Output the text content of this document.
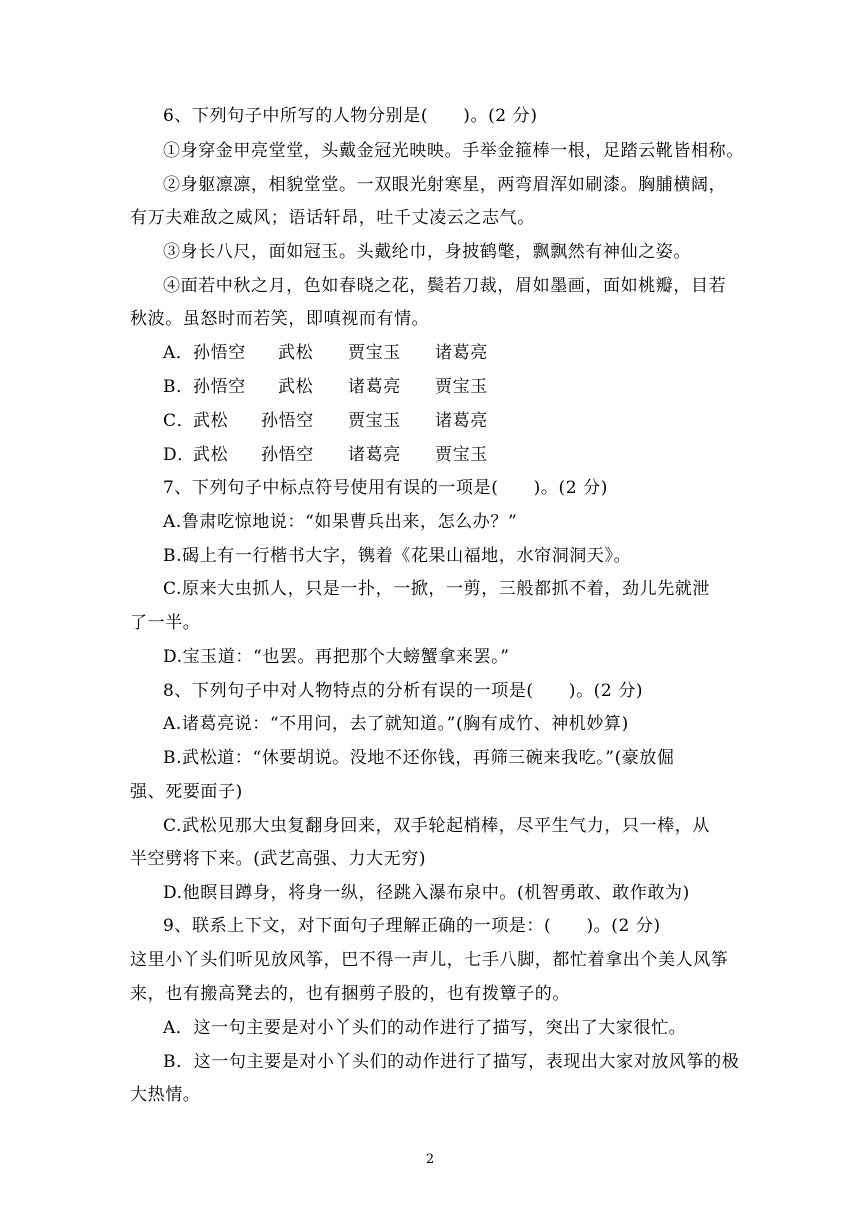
6、下列句子中所写的人物分别是(　　)。(2 分)
①身穿金甲亮堂堂，头戴金冠光映映。手举金箍棒一根，足踏云靴皆相称。
②身躯凛凛，相貌堂堂。一双眼光射寒星，两弯眉浑如刷漆。胸脯横阔，
有万夫难敌之威风；语话轩昂，吐千丈凌云之志气。
③身长八尺，面如冠玉。头戴纶巾，身披鹤氅，飘飘然有神仙之姿。
④面若中秋之月，色如春晓之花，鬓若刀裁，眉如墨画，面如桃瓣，目若
秋波。虽怒时而若笑，即嗔视而有情。
A． 孙悟空 武松 贾宝玉 诸葛亮
B． 孙悟空 武松 诸葛亮 贾宝玉
C．
武松 孙悟空 贾宝玉 诸葛亮
D．
武松 孙悟空 诸葛亮 贾宝玉
7、下列句子中标点符号使用有误的一项是(　　)。(2 分)
A.鲁肃吃惊地说：“如果曹兵出来，怎么办？”
B.碣上有一行楷书大字，镌着《花果山福地，水帘洞洞天》。
C.原来大虫抓人，只是一扑，一掀，一剪，三般都抓不着，劲儿先就泄
了一半。
D.宝玉道：“也罢。再把那个大螃蟹拿来罢。”
8、下列句子中对人物特点的分析有误的一项是(　　)。(2 分)
A.诸葛亮说：“不用问，去了就知道。”(胸有成竹、神机妙算)
B.武松道：“休要胡说。没地不还你钱，再筛三碗来我吃。”(豪放倔
强、死要面子)
C.武松见那大虫复翻身回来，双手轮起梢棒，尽平生气力，只一棒，从
半空劈将下来。(武艺高强、力大无穷)
D.他瞑目蹲身，将身一纵，径跳入瀑布泉中。(机智勇敢、敢作敢为)
9、联系上下文，对下面句子理解正确的一项是：(　　)。(2 分)
这里小丫头们听见放风筝，巴不得一声儿，七手八脚，都忙着拿出个美人风筝
来，也有搬高凳去的，也有捆剪子股的，也有拨簟子的。
A．这一句主要是对小丫头们的动作进行了描写，突出了大家很忙。
B．这一句主要是对小丫头们的动作进行了描写，表现出大家对放风筝的极
大热情。
2
